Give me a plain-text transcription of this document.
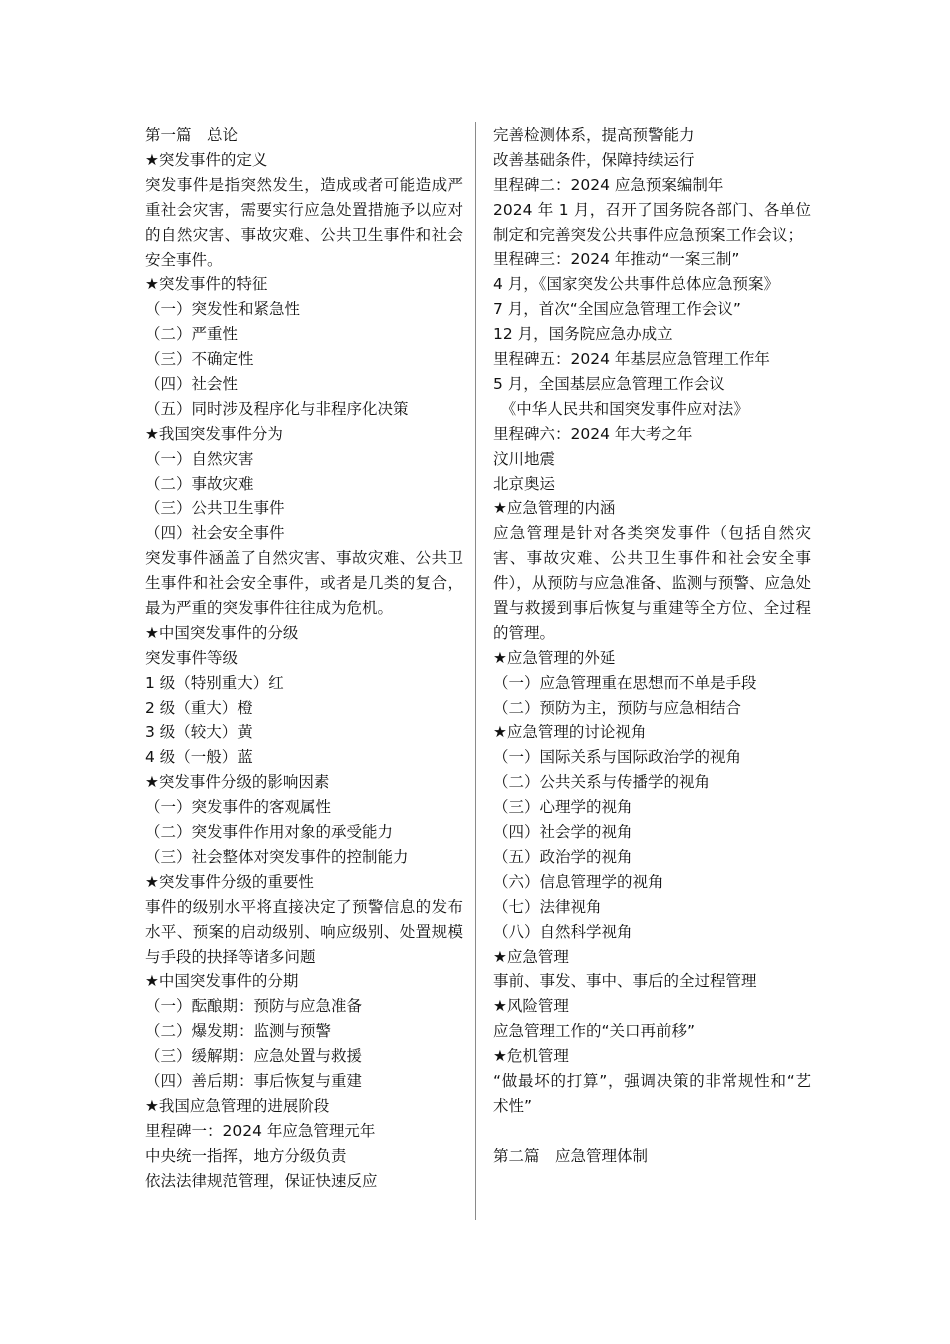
第一篇　总论
★突发事件的定义
突发事件是指突然发生，造成或者可能造成严重社会灾害，需要实行应急处置措施予以应对的自然灾害、事故灾难、公共卫生事件和社会安全事件。
★突发事件的特征
（一）突发性和紧急性
（二）严重性
（三）不确定性
（四）社会性
（五）同时涉及程序化与非程序化决策
★我国突发事件分为
（一）自然灾害
（二）事故灾难
（三）公共卫生事件
（四）社会安全事件
突发事件涵盖了自然灾害、事故灾难、公共卫生事件和社会安全事件，或者是几类的复合，最为严重的突发事件往往成为危机。
★中国突发事件的分级
突发事件等级
1 级（特别重大）红
2 级（重大）橙
3 级（较大）黄
4 级（一般）蓝
★突发事件分级的影响因素
（一）突发事件的客观属性
（二）突发事件作用对象的承受能力
（三）社会整体对突发事件的控制能力
★突发事件分级的重要性
事件的级别水平将直接决定了预警信息的发布水平、预案的启动级别、响应级别、处置规模与手段的抉择等诸多问题
★中国突发事件的分期
（一）酝酿期：预防与应急准备
（二）爆发期：监测与预警
（三）缓解期：应急处置与救援
（四）善后期：事后恢复与重建
★我国应急管理的进展阶段
里程碑一：2024 年应急管理元年
中央统一指挥，地方分级负责
依法法律规范管理，保证快速反应
完善检测体系，提高预警能力
改善基础条件，保障持续运行
里程碑二：2024 应急预案编制年
2024 年 1 月，召开了国务院各部门、各单位制定和完善突发公共事件应急预案工作会议；
里程碑三：2024 年推动“一案三制”
4 月，《国家突发公共事件总体应急预案》
7 月，首次“全国应急管理工作会议”
12 月，国务院应急办成立
里程碑五：2024 年基层应急管理工作年
5 月，全国基层应急管理工作会议
　《中华人民共和国突发事件应对法》
里程碑六：2024 年大考之年
汶川地震
北京奥运
★应急管理的内涵
应急管理是针对各类突发事件（包括自然灾害、事故灾难、公共卫生事件和社会安全事件），从预防与应急准备、监测与预警、应急处置与救援到事后恢复与重建等全方位、全过程的管理。
★应急管理的外延
（一）应急管理重在思想而不单是手段
（二）预防为主，预防与应急相结合
★应急管理的讨论视角
（一）国际关系与国际政治学的视角
（二）公共关系与传播学的视角
（三）心理学的视角
（四）社会学的视角
（五）政治学的视角
（六）信息管理学的视角
（七）法律视角
（八）自然科学视角
★应急管理
事前、事发、事中、事后的全过程管理
★风险管理
应急管理工作的“关口再前移”
★危机管理
“做最坏的打算”，强调决策的非常规性和“艺术性”
第二篇　应急管理体制
